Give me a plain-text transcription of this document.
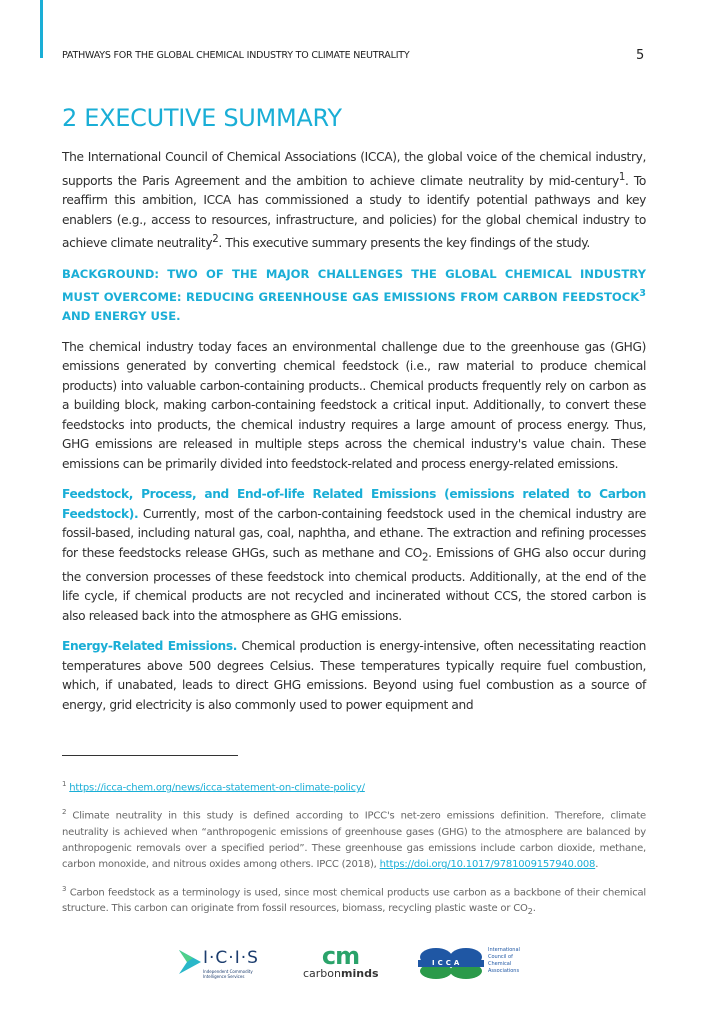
PATHWAYS FOR THE GLOBAL CHEMICAL INDUSTRY TO CLIMATE NEUTRALITY	5
2 EXECUTIVE SUMMARY

The International Council of Chemical Associations (ICCA), the global voice of the chemical industry, supports the Paris Agreement and the ambition to achieve climate neutrality by mid-century$^1$. To reaffirm this ambition, ICCA has commissioned a study to identify potential pathways and key enablers (e.g., access to resources, infrastructure, and policies) for the global chemical industry to achieve climate neutrality$^2$. This executive summary presents the key findings of the study.

BACKGROUND: TWO OF THE MAJOR CHALLENGES THE GLOBAL CHEMICAL INDUSTRY MUST OVERCOME: REDUCING GREENHOUSE GAS EMISSIONS FROM CARBON FEEDSTOCK$^3$ AND ENERGY USE.

The chemical industry today faces an environmental challenge due to the greenhouse gas (GHG) emissions generated by converting chemical feedstock (i.e., raw material to produce chemical products) into valuable carbon-containing products.. Chemical products frequently rely on carbon as a building block, making carbon-containing feedstock a critical input. Additionally, to convert these feedstocks into products, the chemical industry requires a large amount of process energy. Thus, GHG emissions are released in multiple steps across the chemical industry's value chain. These emissions can be primarily divided into feedstock-related and process energy-related emissions.

Feedstock, Process, and End-of-life Related Emissions (emissions related to Carbon Feedstock). Currently, most of the carbon-containing feedstock used in the chemical industry are fossil-based, including natural gas, coal, naphtha, and ethane. The extraction and refining processes for these feedstocks release GHGs, such as methane and $CO_2$. Emissions of GHG also occur during the conversion processes of these feedstock into chemical products. Additionally, at the end of the life cycle, if chemical products are not recycled and incinerated without CCS, the stored carbon is also released back into the atmosphere as GHG emissions.

Energy-Related Emissions. Chemical production is energy-intensive, often necessitating reaction temperatures above 500 degrees Celsius. These temperatures typically require fuel combustion, which, if unabated, leads to direct GHG emissions. Beyond using fuel combustion as a source of energy, grid electricity is also commonly used to power equipment and

$^1$ https://icca-chem.org/news/icca-statement-on-climate-policy/

$^2$ Climate neutrality in this study is defined according to IPCC's net-zero emissions definition. Therefore, climate neutrality is achieved when “anthropogenic emissions of greenhouse gases (GHG) to the atmosphere are balanced by anthropogenic removals over a specified period”. These greenhouse gas emissions include carbon dioxide, methane, carbon monoxide, and nitrous oxides among others. IPCC (2018), https://doi.org/10.1017/9781009157940.008.

$^3$ Carbon feedstock as a terminology is used, since most chemical products use carbon as a backbone of their chemical structure. This carbon can originate from fossil resources, biomass, recycling plastic waste or $CO_2$.

I·C·I·S
Independent Commodity Intelligence Services
cm
carbonminds
ICCA
International Council of Chemical Associations
